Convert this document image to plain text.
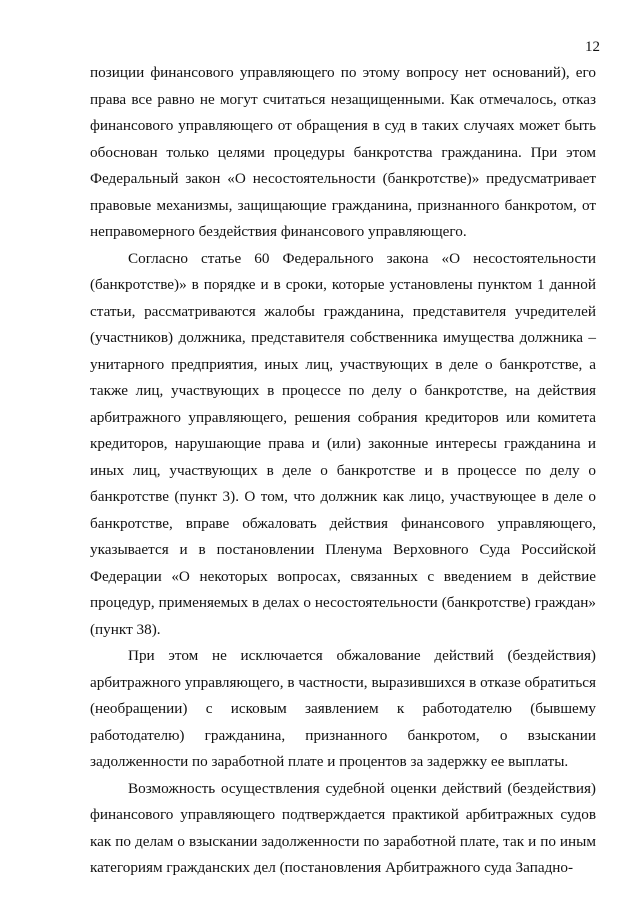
12

позиции финансового управляющего по этому вопросу нет оснований), его права все равно не могут считаться незащищенными. Как отмечалось, отказ финансового управляющего от обращения в суд в таких случаях может быть обоснован только целями процедуры банкротства гражданина. При этом Федеральный закон «О несостоятельности (банкротстве)» предусматривает правовые механизмы, защищающие гражданина, признанного банкротом, от неправомерного бездействия финансового управляющего.

Согласно статье 60 Федерального закона «О несостоятельности (банкротстве)» в порядке и в сроки, которые установлены пунктом 1 данной статьи, рассматриваются жалобы гражданина, представителя учредителей (участников) должника, представителя собственника имущества должника – унитарного предприятия, иных лиц, участвующих в деле о банкротстве, а также лиц, участвующих в процессе по делу о банкротстве, на действия арбитражного управляющего, решения собрания кредиторов или комитета кредиторов, нарушающие права и (или) законные интересы гражданина и иных лиц, участвующих в деле о банкротстве и в процессе по делу о банкротстве (пункт 3). О том, что должник как лицо, участвующее в деле о банкротстве, вправе обжаловать действия финансового управляющего, указывается и в постановлении Пленума Верховного Суда Российской Федерации «О некоторых вопросах, связанных с введением в действие процедур, применяемых в делах о несостоятельности (банкротстве) граждан» (пункт 38).

При этом не исключается обжалование действий (бездействия) арбитражного управляющего, в частности, выразившихся в отказе обратиться (необращении) с исковым заявлением к работодателю (бывшему работодателю) гражданина, признанного банкротом, о взыскании задолженности по заработной плате и процентов за задержку ее выплаты.

Возможность осуществления судебной оценки действий (бездействия) финансового управляющего подтверждается практикой арбитражных судов как по делам о взыскании задолженности по заработной плате, так и по иным категориям гражданских дел (постановления Арбитражного суда Западно-
